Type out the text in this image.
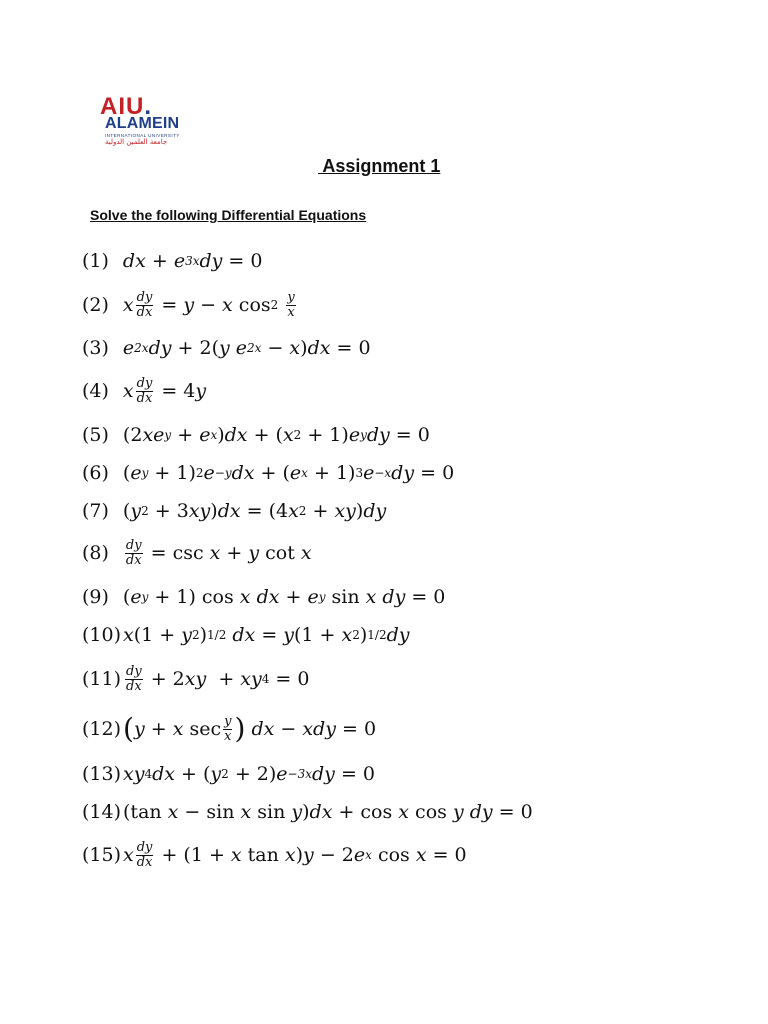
AIU.
ALAMEIN
INTERNATIONAL UNIVERSITY
جامعة العلمين الدولية
Assignment 1
Solve the following Differential Equations
(1) dx + e 3x dy = 0
(2) x $\frac{dy}{dx} = y - x$ cos 2
$\frac{y}{x}$
(3) e 2x dy + 2( y
e 2x − x ) dx = 0
(4) x $\frac{dy}{dx} = 4$ y
(5) (2 xe y + e x ) dx + ( x 2 + 1) e y dy = 0
(6) ( e y + 1) 2 e −y dx + ( e x + 1) 3 e −x dy = 0
(7) ( y 2 + 3 xy ) dx = (4 x 2 + xy ) dy
$(8) \frac{dy}{dx} = \csc x + y$ cot x
(9) ( e y + 1) cos x
dx + e y sin x
dy = 0
(10) x (1 + y 2 ) 1/2
dx = y (1 + x 2 ) 1/2 dy
$(11) \frac{dy}{dx} + 2$ xy + xy 4 = 0
(12) ( y + x $\sec \frac{y}{x}$ )
dx − xdy = 0
(13) xy 4 dx + ( y 2 + 2) e −3x dy = 0
(14) (tan x − sin x sin y ) dx + cos x cos y
dy = 0
(15) x $\frac{dy}{dx} + (1 + x$ tan x ) y − 2 e x cos x = 0
